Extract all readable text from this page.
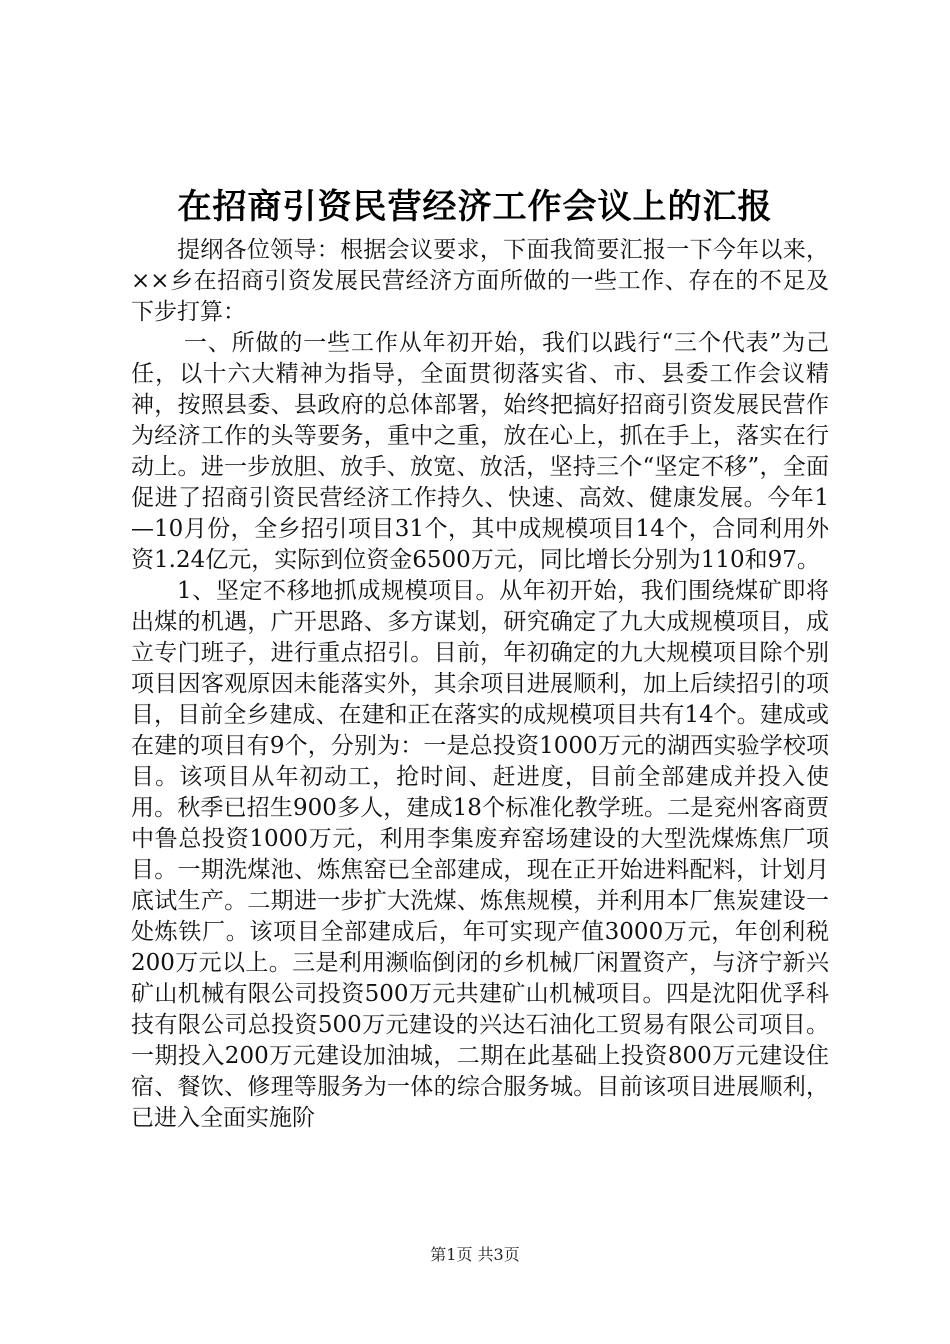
在招商引资民营经济工作会议上的汇报

提纲各位领导：根据会议要求，下面我简要汇报一下今年以来，××乡在招商引资发展民营经济方面所做的一些工作、存在的不足及下步打算：

一、所做的一些工作从年初开始，我们以践行“三个代表”为己任，以十六大精神为指导，全面贯彻落实省、市、县委工作会议精神，按照县委、县政府的总体部署，始终把搞好招商引资发展民营作为经济工作的头等要务，重中之重，放在心上，抓在手上，落实在行动上。进一步放胆、放手、放宽、放活，坚持三个“坚定不移”，全面促进了招商引资民营经济工作持久、快速、高效、健康发展。今年1—10月份，全乡招引项目31个，其中成规模项目14个，合同利用外资1.24亿元，实际到位资金6500万元，同比增长分别为110和97。

1、坚定不移地抓成规模项目。从年初开始，我们围绕煤矿即将出煤的机遇，广开思路、多方谋划，研究确定了九大成规模项目，成立专门班子，进行重点招引。目前，年初确定的九大规模项目除个别项目因客观原因未能落实外，其余项目进展顺利，加上后续招引的项目，目前全乡建成、在建和正在落实的成规模项目共有14个。建成或在建的项目有9个，分别为：一是总投资1000万元的湖西实验学校项目。该项目从年初动工，抢时间、赶进度，目前全部建成并投入使用。秋季已招生900多人，建成18个标准化教学班。二是兖州客商贾中鲁总投资1000万元，利用李集废弃窑场建设的大型洗煤炼焦厂项目。一期洗煤池、炼焦窑已全部建成，现在正开始进料配料，计划月底试生产。二期进一步扩大洗煤、炼焦规模，并利用本厂焦炭建设一处炼铁厂。该项目全部建成后，年可实现产值3000万元，年创利税200万元以上。三是利用濒临倒闭的乡机械厂闲置资产，与济宁新兴矿山机械有限公司投资500万元共建矿山机械项目。四是沈阳优孚科技有限公司总投资500万元建设的兴达石油化工贸易有限公司项目。一期投入200万元建设加油城，二期在此基础上投资800万元建设住宿、餐饮、修理等服务为一体的综合服务城。目前该项目进展顺利，已进入全面实施阶

第1页 共3页
